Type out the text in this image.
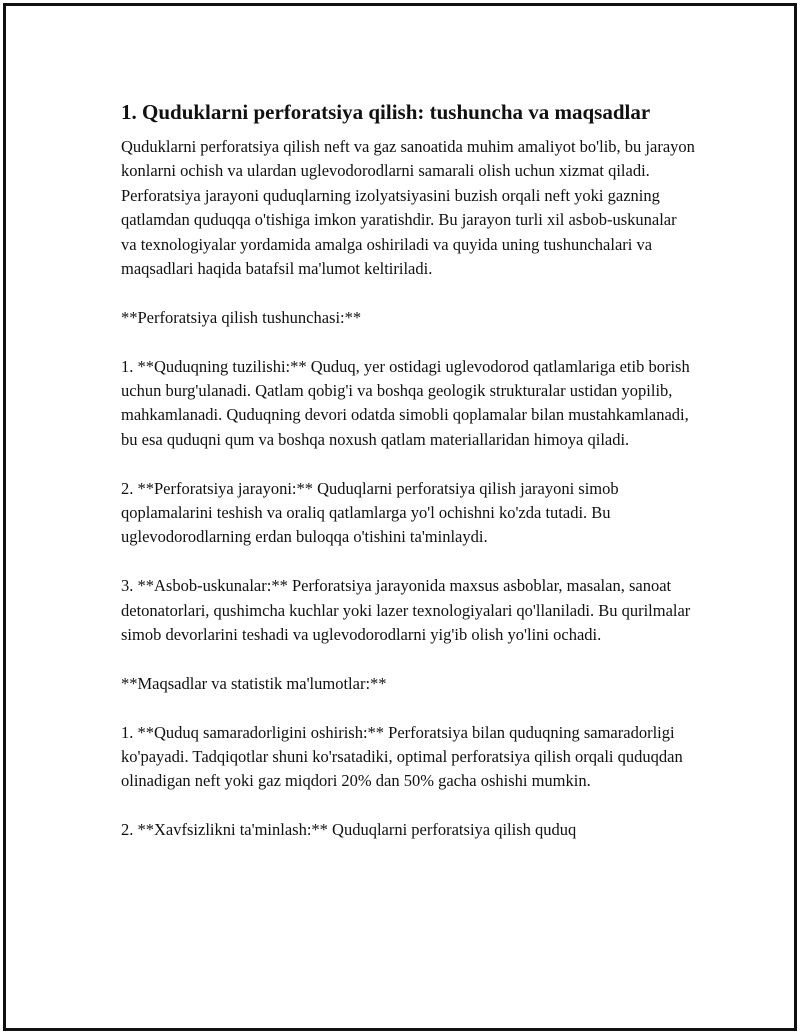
1. Quduklarni perforatsiya qilish: tushuncha va maqsadlar

Quduklarni perforatsiya qilish neft va gaz sanoatida muhim amaliyot bo'lib, bu jarayon konlarni ochish va ulardan uglevodorodlarni samarali olish uchun xizmat qiladi. Perforatsiya jarayoni quduqlarning izolyatsiyasini buzish orqali neft yoki gazning qatlamdan quduqqa o'tishiga imkon yaratishdir. Bu jarayon turli xil asbob-uskunalar va texnologiyalar yordamida amalga oshiriladi va quyida uning tushunchalari va maqsadlari haqida batafsil ma'lumot keltiriladi.

**Perforatsiya qilish tushunchasi:**

1. **Quduqning tuzilishi:** Quduq, yer ostidagi uglevodorod qatlamlariga etib borish uchun burg'ulanadi. Qatlam qobig'i va boshqa geologik strukturalar ustidan yopilib, mahkamlanadi. Quduqning devori odatda simobli qoplamalar bilan mustahkamlanadi, bu esa quduqni qum va boshqa noxush qatlam materiallaridan himoya qiladi.

2. **Perforatsiya jarayoni:** Quduqlarni perforatsiya qilish jarayoni simob qoplamalarini teshish va oraliq qatlamlarga yo'l ochishni ko'zda tutadi. Bu uglevodorodlarning erdan buloqqa o'tishini ta'minlaydi.

3. **Asbob-uskunalar:** Perforatsiya jarayonida maxsus asboblar, masalan, sanoat detonatorlari, qushimcha kuchlar yoki lazer texnologiyalari qo'llaniladi. Bu qurilmalar simob devorlarini teshadi va uglevodorodlarni yig'ib olish yo'lini ochadi.

**Maqsadlar va statistik ma'lumotlar:**

1. **Quduq samaradorligini oshirish:** Perforatsiya bilan quduqning samaradorligi ko'payadi. Tadqiqotlar shuni ko'rsatadiki, optimal perforatsiya qilish orqali quduqdan olinadigan neft yoki gaz miqdori 20% dan 50% gacha oshishi mumkin.

2. **Xavfsizlikni ta'minlash:** Quduqlarni perforatsiya qilish quduq
